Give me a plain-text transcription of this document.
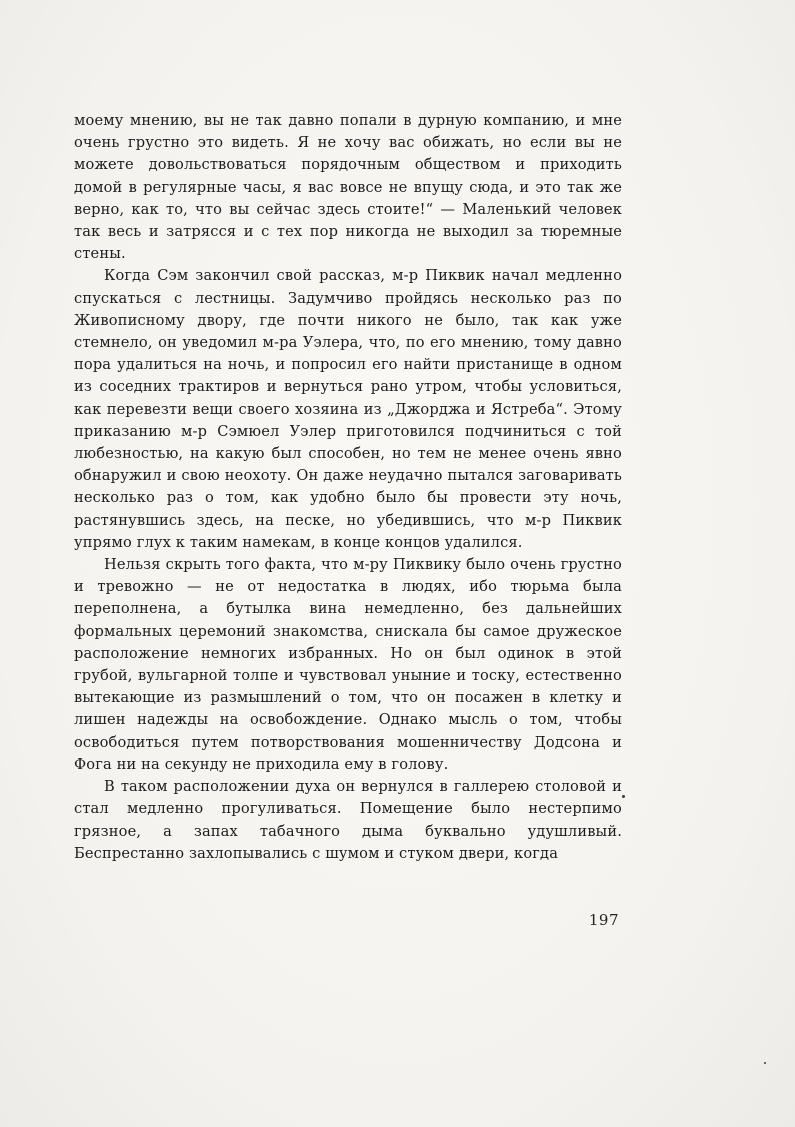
моему мнению, вы не так давно попали в дурную компанию, и мне очень грустно это видеть. Я не хочу вас обижать, но если вы не можете довольствоваться порядочным обществом и приходить домой в регулярные часы, я вас вовсе не впущу сюда, и это так же верно, как то, что вы сейчас здесь стоите!“ — Маленький человек так весь и затрясся и с тех пор никогда не выходил за тюремные стены.

Когда Сэм закончил свой рассказ, м-р Пиквик начал медленно спускаться с лестницы. Задумчиво пройдясь несколько раз по Живописному двору, где почти никого не было, так как уже стемнело, он уведомил м-ра Уэлера, что, по его мнению, тому давно пора удалиться на ночь, и попросил его найти пристанище в одном из соседних трактиров и вернуться рано утром, чтобы условиться, как перевезти вещи своего хозяина из „Джорджа и Ястреба“. Этому приказанию м-р Сэмюел Уэлер приготовился подчиниться с той любезностью, на какую был способен, но тем не менее очень явно обнаружил и свою неохоту. Он даже неудачно пытался заговаривать несколько раз о том, как удобно было бы провести эту ночь, растянувшись здесь, на песке, но убедившись, что м-р Пиквик упрямо глух к таким намекам, в конце концов удалился.

Нельзя скрыть того факта, что м-ру Пиквику было очень грустно и тревожно — не от недостатка в людях, ибо тюрьма была переполнена, а бутылка вина немедленно, без дальнейших формальных церемоний знакомства, снискала бы самое дружеское расположение немногих избранных. Но он был одинок в этой грубой, вульгарной толпе и чувствовал уныние и тоску, естественно вытекающие из размышлений о том, что он посажен в клетку и лишен надежды на освобождение. Однако мысль о том, чтобы освободиться путем потворствования мошенничеству Додсона и Фога ни на секунду не приходила ему в голову.

В таком расположении духа он вернулся в галлерею столовой и стал медленно прогуливаться. Помещение было нестерпимо грязное, а запах табачного дыма буквально удушливый. Беспрестанно захлопывались с шумом и стуком двери, когда

197
